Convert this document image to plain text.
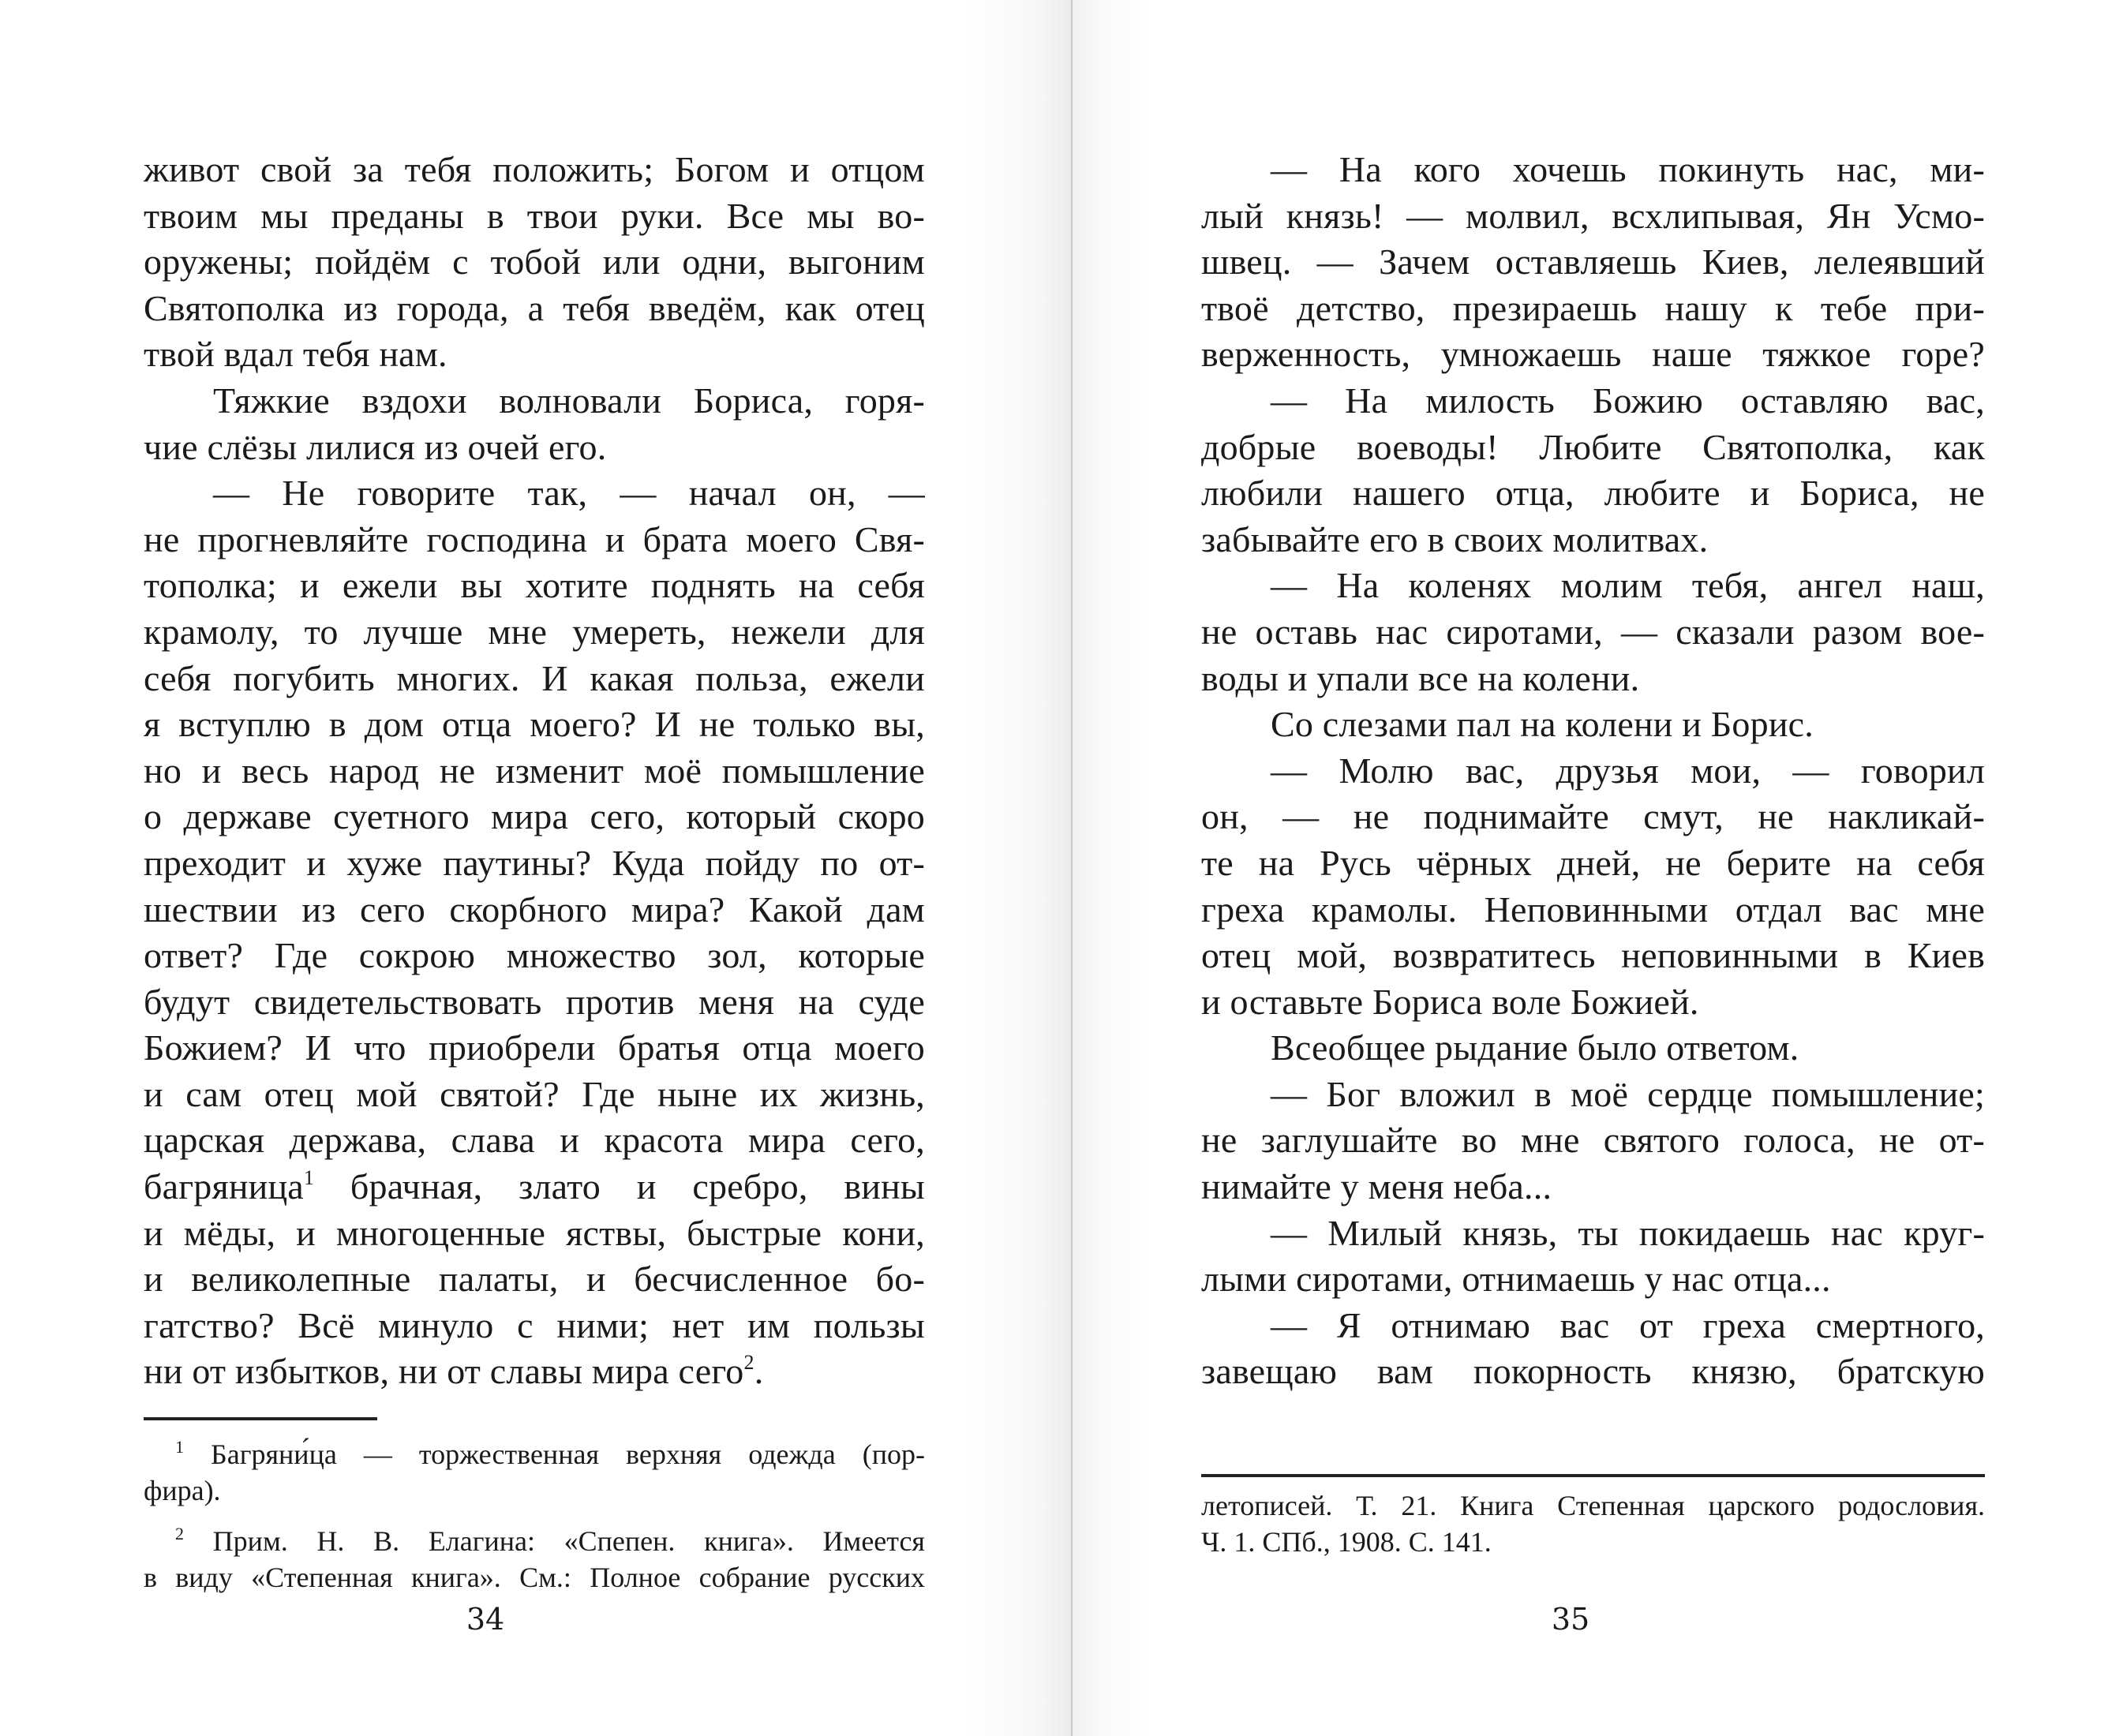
живот свой за тебя положить; Богом и отцом
твоим мы преданы в твои руки. Все мы во-
оружены; пойдём с тобой или одни, выгоним
Святополка из города, а тебя введём, как отец
твой вдал тебя нам.
Тяжкие вздохи волновали Бориса, горя-
чие слёзы лилися из очей его.
— Не говорите так, — начал он, —
не прогневляйте господина и брата моего Свя-
тополка; и ежели вы хотите поднять на себя
крамолу, то лучше мне умереть, нежели для
себя погубить многих. И какая польза, ежели
я вступлю в дом отца моего? И не только вы,
но и весь народ не изменит моё помышление
о державе суетного мира сего, который скоро
преходит и хуже паутины? Куда пойду по от-
шествии из сего скорбного мира? Какой дам
ответ? Где сокрою множество зол, которые
будут свидетельствовать против меня на суде
Божием? И что приобрели братья отца моего
и сам отец мой святой? Где ныне их жизнь,
царская держава, слава и красота мира сего,
багряница$^1$ брачная, злато и сребро, вины
и мёды, и многоценные яствы, быстрые кони,
и великолепные палаты, и бесчисленное бо-
гатство? Всё минуло с ними; нет им пользы
ни от избытков, ни от славы мира сего$^2$.
$^1$ Багряни́ца — торжественная верхняя одежда (пор-
фира).
$^2$ Прим. Н. В. Елагина: «Спепен. книга». Имеется
в виду «Степенная книга». См.: Полное собрание русских
34
— На кого хочешь покинуть нас, ми-
лый князь! — молвил, всхлипывая, Ян Усмо-
швец. — Зачем оставляешь Киев, лелеявший
твоё детство, презираешь нашу к тебе при-
верженность, умножаешь наше тяжкое горе?
— На милость Божию оставляю вас,
добрые воеводы! Любите Святополка, как
любили нашего отца, любите и Бориса, не
забывайте его в своих молитвах.
— На коленях молим тебя, ангел наш,
не оставь нас сиротами, — сказали разом вое-
воды и упали все на колени.
Со слезами пал на колени и Борис.
— Молю вас, друзья мои, — говорил
он, — не поднимайте смут, не накликай-
те на Русь чёрных дней, не берите на себя
греха крамолы. Неповинными отдал вас мне
отец мой, возвратитесь неповинными в Киев
и оставьте Бориса воле Божией.
Всеобщее рыдание было ответом.
— Бог вложил в моё сердце помышление;
не заглушайте во мне святого голоса, не от-
нимайте у меня неба...
— Милый князь, ты покидаешь нас круг-
лыми сиротами, отнимаешь у нас отца...
— Я отнимаю вас от греха смертного,
завещаю вам покорность князю, братскую
летописей. Т. 21. Книга Степенная царского родословия.
Ч. 1. СПб., 1908. С. 141.
35
